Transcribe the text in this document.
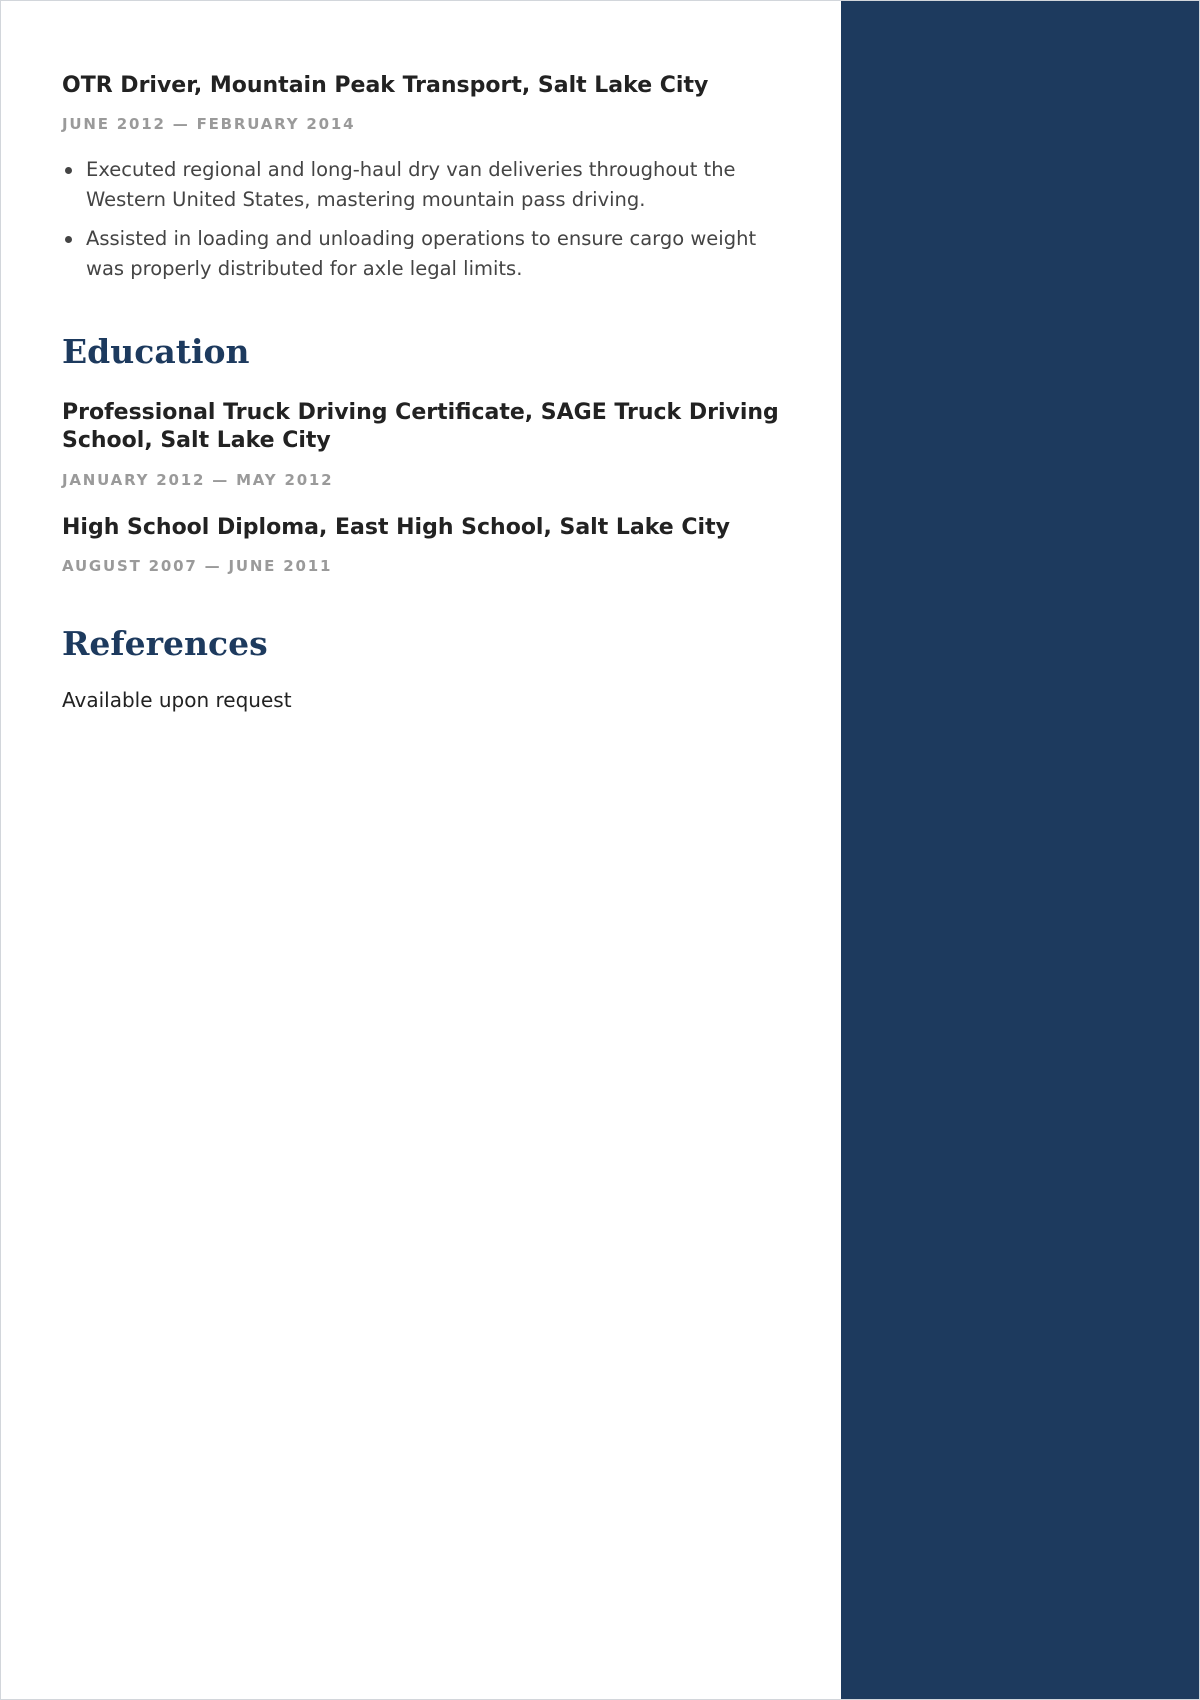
OTR Driver, Mountain Peak Transport, Salt Lake City
JUNE 2012 — FEBRUARY 2014
Executed regional and long-haul dry van deliveries throughout the Western United States, mastering mountain pass driving.
Assisted in loading and unloading operations to ensure cargo weight was properly distributed for axle legal limits.
Education
Professional Truck Driving Certificate, SAGE Truck Driving School, Salt Lake City
JANUARY 2012 — MAY 2012
High School Diploma, East High School, Salt Lake City
AUGUST 2007 — JUNE 2011
References

Available upon request
